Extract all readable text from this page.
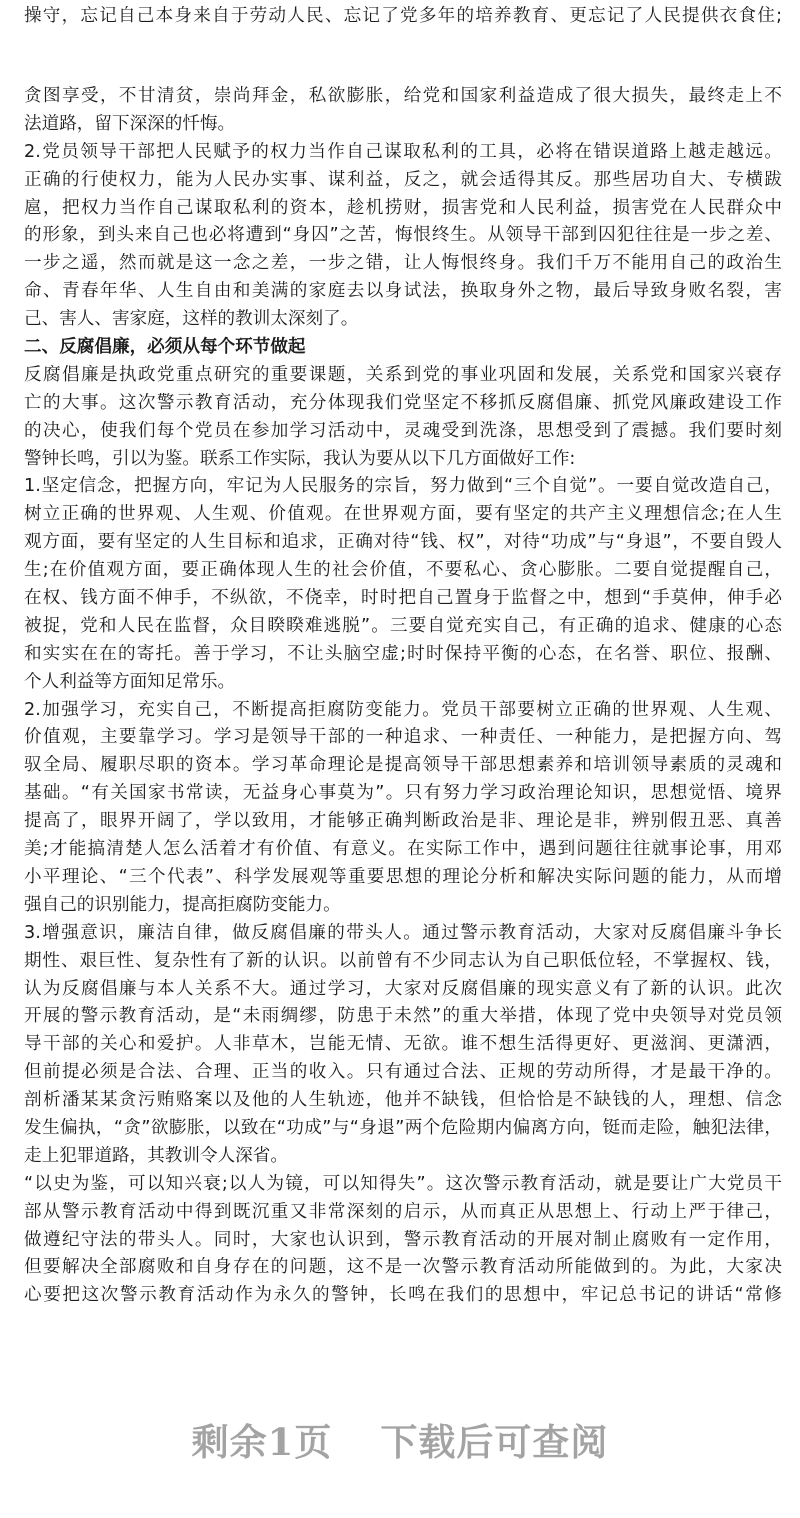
操守，忘记自己本身来自于劳动人民、忘记了党多年的培养教育、更忘记了人民提供衣食住;
贪图享受，不甘清贫，崇尚拜金，私欲膨胀，给党和国家利益造成了很大损失，最终走上不
法道路，留下深深的忏悔。
2.党员领导干部把人民赋予的权力当作自己谋取私利的工具，必将在错误道路上越走越远。
正确的行使权力，能为人民办实事、谋利益，反之，就会适得其反。那些居功自大、专横跋
扈，把权力当作自己谋取私利的资本，趁机捞财，损害党和人民利益，损害党在人民群众中
的形象，到头来自己也必将遭到“身囚”之苦，悔恨终生。从领导干部到囚犯往往是一步之差、
一步之遥，然而就是这一念之差，一步之错，让人悔恨终身。我们千万不能用自己的政治生
命、青春年华、人生自由和美满的家庭去以身试法，换取身外之物，最后导致身败名裂，害
己、害人、害家庭，这样的教训太深刻了。
二、反腐倡廉，必须从每个环节做起
反腐倡廉是执政党重点研究的重要课题，关系到党的事业巩固和发展，关系党和国家兴衰存
亡的大事。这次警示教育活动，充分体现我们党坚定不移抓反腐倡廉、抓党风廉政建设工作
的决心，使我们每个党员在参加学习活动中，灵魂受到洗涤，思想受到了震撼。我们要时刻
警钟长鸣，引以为鉴。联系工作实际，我认为要从以下几方面做好工作:
1.坚定信念，把握方向，牢记为人民服务的宗旨，努力做到“三个自觉”。一要自觉改造自己，
树立正确的世界观、人生观、价值观。在世界观方面，要有坚定的共产主义理想信念;在人生
观方面，要有坚定的人生目标和追求，正确对待“钱、权”，对待“功成”与“身退”，不要自毁人
生;在价值观方面，要正确体现人生的社会价值，不要私心、贪心膨胀。二要自觉提醒自己，
在权、钱方面不伸手，不纵欲，不侥幸，时时把自己置身于监督之中，想到“手莫伸，伸手必
被捉，党和人民在监督，众目睽睽难逃脱”。三要自觉充实自己，有正确的追求、健康的心态
和实实在在的寄托。善于学习，不让头脑空虚;时时保持平衡的心态，在名誉、职位、报酬、
个人利益等方面知足常乐。
2.加强学习，充实自己，不断提高拒腐防变能力。党员干部要树立正确的世界观、人生观、
价值观，主要靠学习。学习是领导干部的一种追求、一种责任、一种能力，是把握方向、驾
驭全局、履职尽职的资本。学习革命理论是提高领导干部思想素养和培训领导素质的灵魂和
基础。“有关国家书常读，无益身心事莫为”。只有努力学习政治理论知识，思想觉悟、境界
提高了，眼界开阔了，学以致用，才能够正确判断政治是非、理论是非，辨别假丑恶、真善
美;才能搞清楚人怎么活着才有价值、有意义。在实际工作中，遇到问题往往就事论事，用邓
小平理论、“三个代表”、科学发展观等重要思想的理论分析和解决实际问题的能力，从而增
强自己的识别能力，提高拒腐防变能力。
3.增强意识，廉洁自律，做反腐倡廉的带头人。通过警示教育活动，大家对反腐倡廉斗争长
期性、艰巨性、复杂性有了新的认识。以前曾有不少同志认为自己职低位轻，不掌握权、钱，
认为反腐倡廉与本人关系不大。通过学习，大家对反腐倡廉的现实意义有了新的认识。此次
开展的警示教育活动，是“未雨绸缪，防患于未然”的重大举措，体现了党中央领导对党员领
导干部的关心和爱护。人非草木，岂能无情、无欲。谁不想生活得更好、更滋润、更潇洒，
但前提必须是合法、合理、正当的收入。只有通过合法、正规的劳动所得，才是最干净的。
剖析潘某某贪污贿赂案以及他的人生轨迹，他并不缺钱，但恰恰是不缺钱的人，理想、信念
发生偏执，“贪”欲膨胀，以致在“功成”与“身退”两个危险期内偏离方向，铤而走险，触犯法律，
走上犯罪道路，其教训令人深省。
“以史为鉴，可以知兴衰;以人为镜，可以知得失”。这次警示教育活动，就是要让广大党员干
部从警示教育活动中得到既沉重又非常深刻的启示，从而真正从思想上、行动上严于律己，
做遵纪守法的带头人。同时，大家也认识到，警示教育活动的开展对制止腐败有一定作用，
但要解决全部腐败和自身存在的问题，这不是一次警示教育活动所能做到的。为此，大家决
心要把这次警示教育活动作为永久的警钟，长鸣在我们的思想中，牢记总书记的讲话“常修
剩余1页 下载后可查阅
